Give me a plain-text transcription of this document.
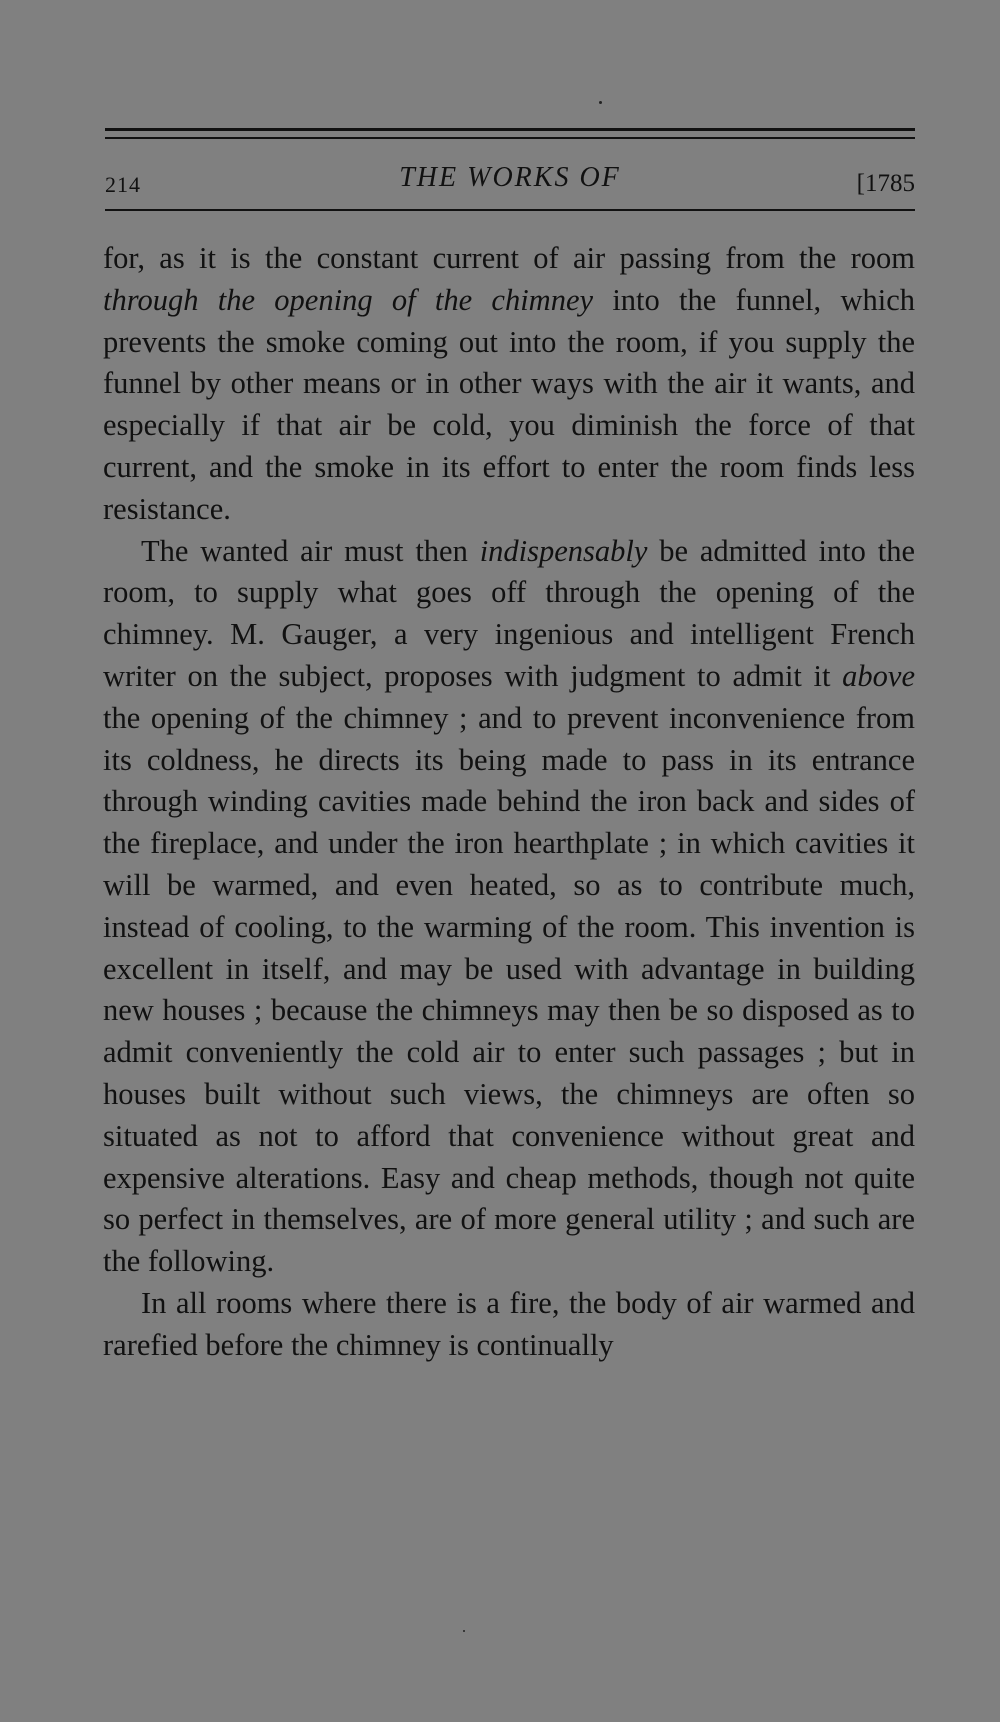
214	THE WORKS OF	[1785

for, as it is the constant current of air passing from the room through the opening of the chimney into the funnel, which prevents the smoke coming out into the room, if you supply the funnel by other means or in other ways with the air it wants, and especially if that air be cold, you diminish the force of that current, and the smoke in its effort to enter the room finds less resistance.

The wanted air must then indispensably be admitted into the room, to supply what goes off through the opening of the chimney. M. Gauger, a very ingenious and intelligent French writer on the subject, proposes with judgment to admit it above the opening of the chimney ; and to prevent inconvenience from its coldness, he directs its being made to pass in its entrance through winding cavities made behind the iron back and sides of the fireplace, and under the iron hearthplate ; in which cavities it will be warmed, and even heated, so as to contribute much, instead of cooling, to the warming of the room. This invention is excellent in itself, and may be used with advantage in building new houses ; because the chimneys may then be so disposed as to admit conveniently the cold air to enter such passages ; but in houses built without such views, the chimneys are often so situated as not to afford that convenience without great and expensive alterations. Easy and cheap methods, though not quite so perfect in themselves, are of more general utility ; and such are the following.

In all rooms where there is a fire, the body of air warmed and rarefied before the chimney is continually
